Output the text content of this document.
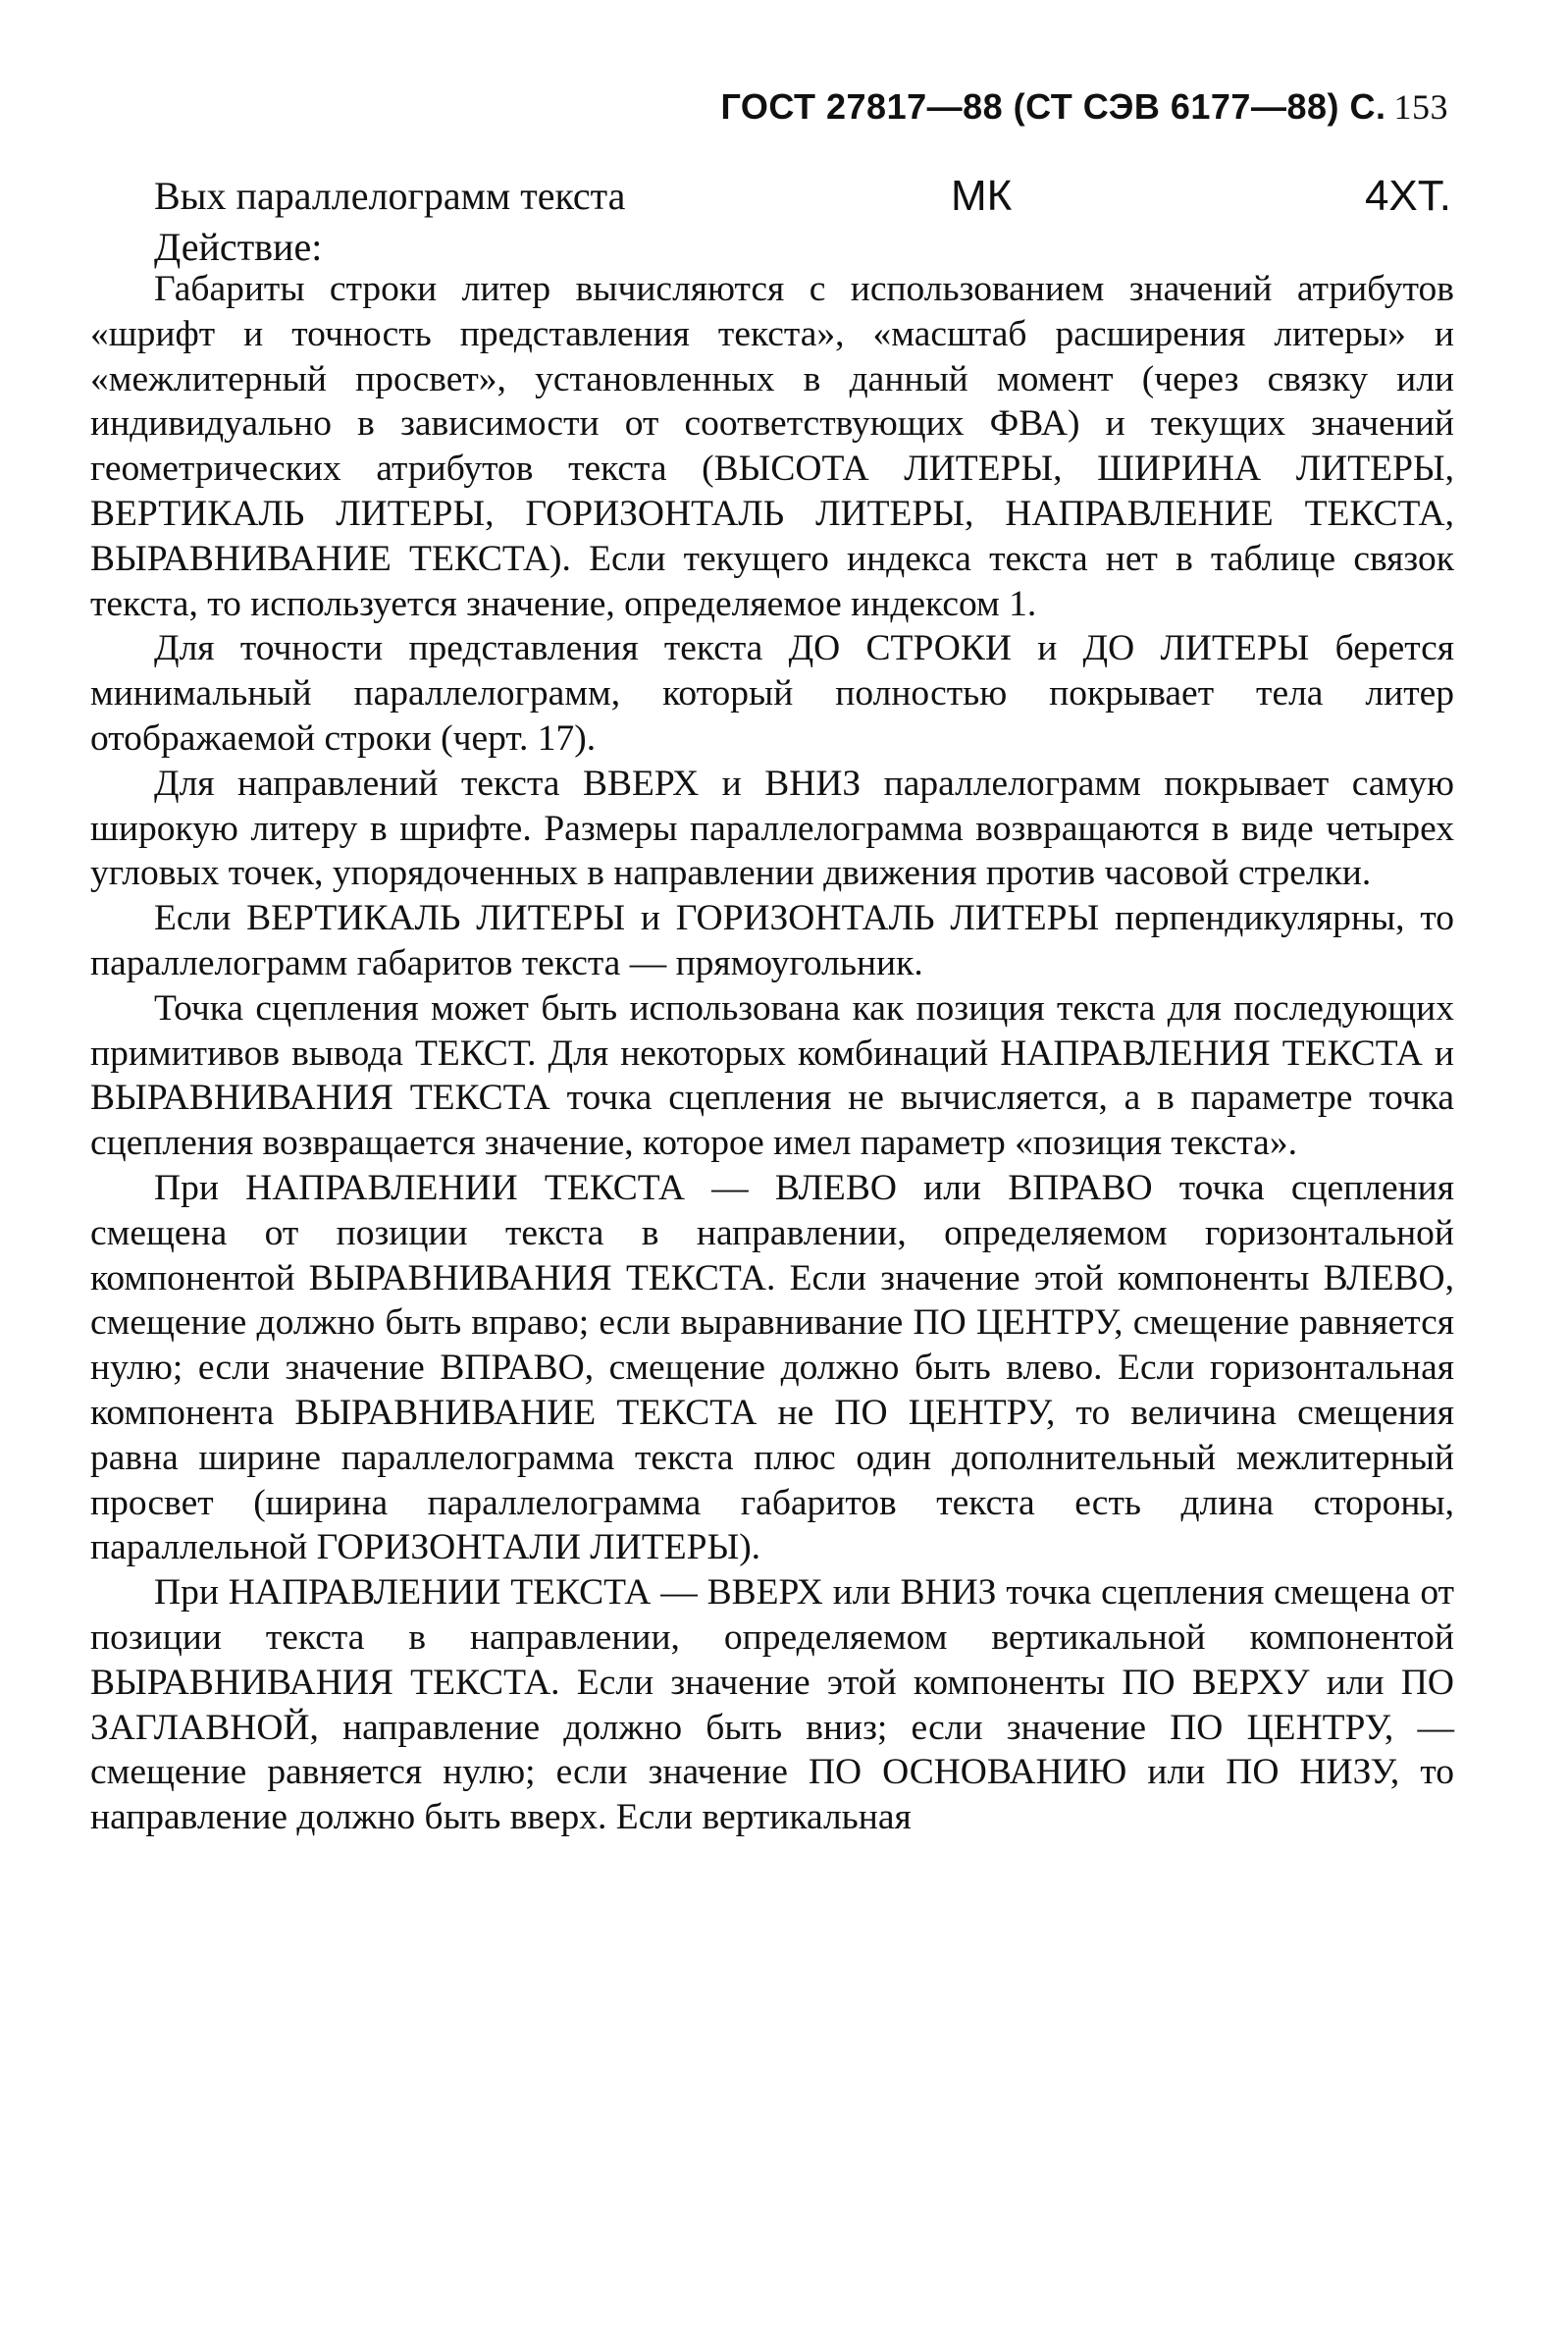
ГОСТ 27817—88 (СТ СЭВ 6177—88) С. 153
Вых параллелограмм текста	МК	4XT.
Действие:

Габариты строки литер вычисляются с использованием значений атрибутов «шрифт и точность представления текста», «масштаб расширения литеры» и «межлитерный просвет», установленных в данный момент (через связку или индивидуально в зависимости от соответствующих ФВА) и текущих значений геометрических атрибутов текста (ВЫСОТА ЛИТЕРЫ, ШИРИНА ЛИТЕРЫ, ВЕРТИКАЛЬ ЛИТЕРЫ, ГОРИЗОНТАЛЬ ЛИТЕРЫ, НАПРАВЛЕНИЕ ТЕКСТА, ВЫРАВНИВАНИЕ ТЕКСТА). Если текущего индекса текста нет в таблице связок текста, то используется значение, определяемое индексом 1.

Для точности представления текста ДО СТРОКИ и ДО ЛИТЕРЫ берется минимальный параллелограмм, который полностью покрывает тела литер отображаемой строки (черт. 17).

Для направлений текста ВВЕРХ и ВНИЗ параллелограмм покрывает самую широкую литеру в шрифте. Размеры параллелограмма возвращаются в виде четырех угловых точек, упорядоченных в направлении движения против часовой стрелки.

Если ВЕРТИКАЛЬ ЛИТЕРЫ и ГОРИЗОНТАЛЬ ЛИТЕРЫ перпендикулярны, то параллелограмм габаритов текста — прямоугольник.

Точка сцепления может быть использована как позиция текста для последующих примитивов вывода ТЕКСТ. Для некоторых комбинаций НАПРАВЛЕНИЯ ТЕКСТА и ВЫРАВНИВАНИЯ ТЕКСТА точка сцепления не вычисляется, а в параметре точка сцепления возвращается значение, которое имел параметр «позиция текста».

При НАПРАВЛЕНИИ ТЕКСТА — ВЛЕВО или ВПРАВО точка сцепления смещена от позиции текста в направлении, определяемом горизонтальной компонентой ВЫРАВНИВАНИЯ ТЕКСТА. Если значение этой компоненты ВЛЕВО, смещение должно быть вправо; если выравнивание ПО ЦЕНТРУ, смещение равняется нулю; если значение ВПРАВО, смещение должно быть влево. Если горизонтальная компонента ВЫРАВНИВАНИЕ ТЕКСТА не ПО ЦЕНТРУ, то величина смещения равна ширине параллелограмма текста плюс один дополнительный межлитерный просвет (ширина параллелограмма габаритов текста есть длина стороны, параллельной ГОРИЗОНТАЛИ ЛИТЕРЫ).

При НАПРАВЛЕНИИ ТЕКСТА — ВВЕРХ или ВНИЗ точка сцепления смещена от позиции текста в направлении, определяемом вертикальной компонентой ВЫРАВНИВАНИЯ ТЕКСТА. Если значение этой компоненты ПО ВЕРХУ или ПО ЗАГЛАВНОЙ, направление должно быть вниз; если значение ПО ЦЕНТРУ, — смещение равняется нулю; если значение ПО ОСНОВАНИЮ или ПО НИЗУ, то направление должно быть вверх. Если вертикальная
